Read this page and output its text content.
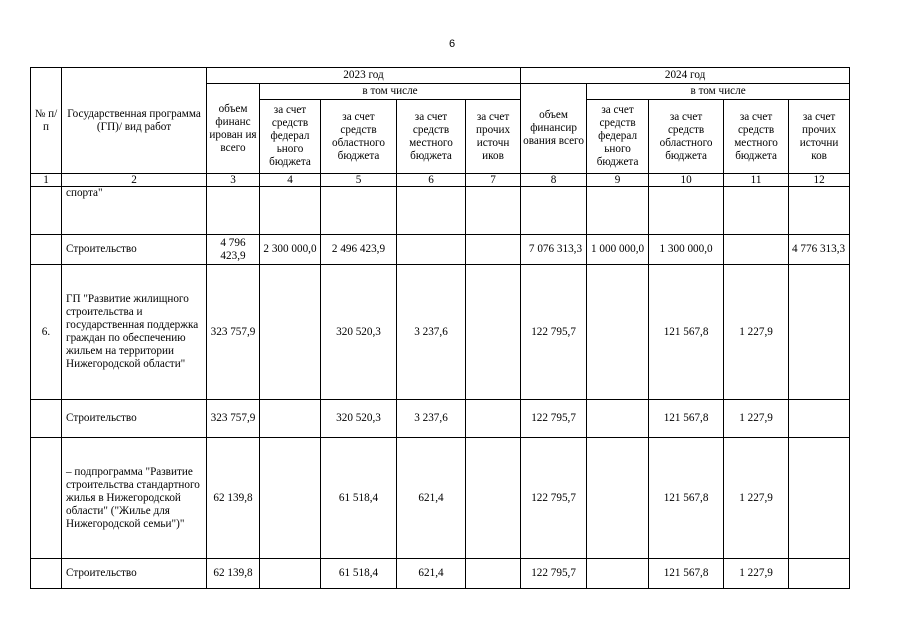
6
№ п/п	Государственная программа (ГП)/ вид работ	2023 год					2024 год				
		объем финанс ирован ия всего	в том числе				объем финансир ования всего	в том числе			
			за счет средств федерал ьного бюджета	за счет средств областного бюджета	за счет средств местного бюджета	за счет прочих источн иков		за счет средств федерал ьного бюджета	за счет средств областного бюджета	за счет средств местного бюджета	за счет прочих источни ков
1	2	3	4	5	6	7	8	9	10	11	12
	спорта"										
	Строительство	4 796 423,9	2 300 000,0	2 496 423,9			7 076 313,3	1 000 000,0	1 300 000,0		4 776 313,3
6.	ГП "Развитие жилищного строительства и государственная поддержка граждан по обеспечению жильем на территории Нижегородской области"	323 757,9		320 520,3	3 237,6		122 795,7		121 567,8	1 227,9	
	Строительство	323 757,9		320 520,3	3 237,6		122 795,7		121 567,8	1 227,9	
	– подпрограмма "Развитие строительства стандартного жилья в Нижегородской области" ("Жилье для Нижегородской семьи")"	62 139,8		61 518,4	621,4		122 795,7		121 567,8	1 227,9	
	Строительство	62 139,8		61 518,4	621,4		122 795,7		121 567,8	1 227,9	
